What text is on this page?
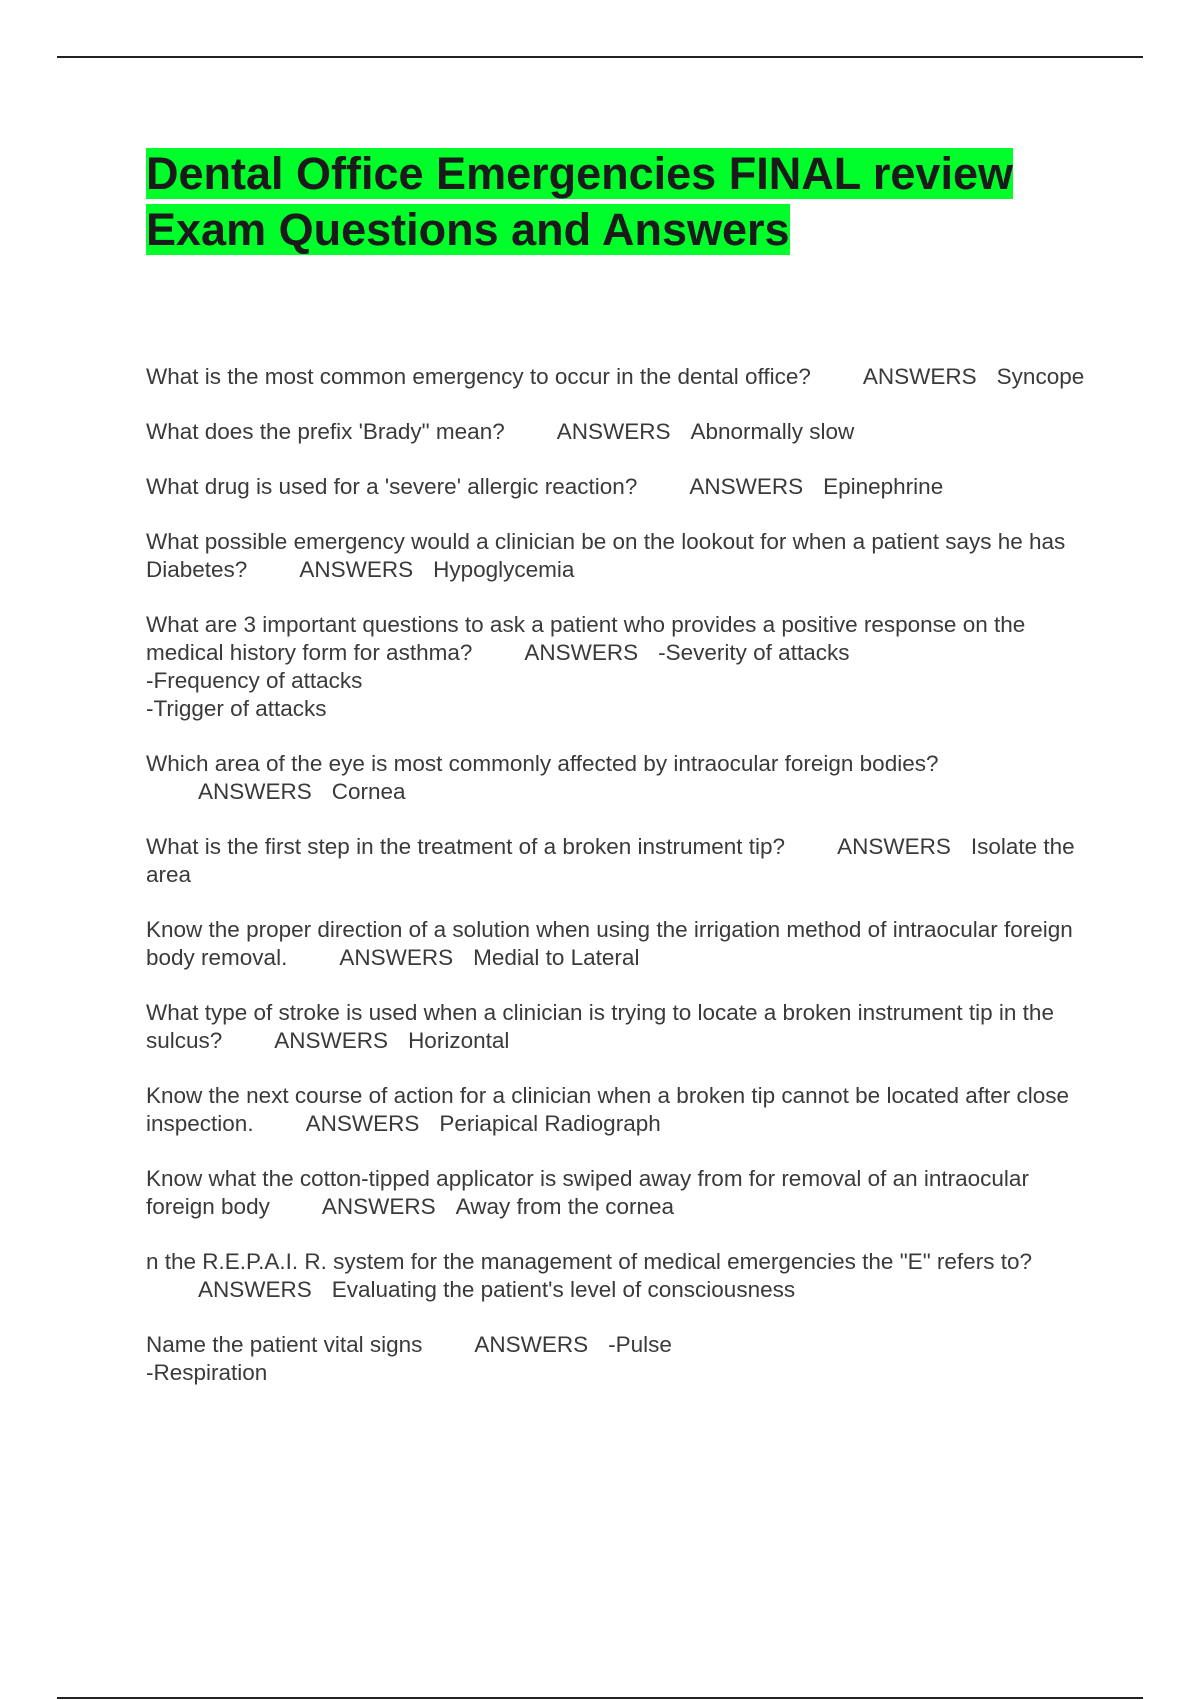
Dental Office Emergencies FINAL review Exam Questions and Answers

What is the most common emergency to occur in the dental office? ANSWERS Syncope

What does the prefix 'Brady" mean? ANSWERS Abnormally slow

What drug is used for a 'severe' allergic reaction? ANSWERS Epinephrine

What possible emergency would a clinician be on the lookout for when a patient says he has Diabetes? ANSWERS Hypoglycemia

What are 3 important questions to ask a patient who provides a positive response on the medical history form for asthma? ANSWERS -Severity of attacks
-Frequency of attacks
-Trigger of attacks

Which area of the eye is most commonly affected by intraocular foreign bodies?ANSWERS Cornea

What is the first step in the treatment of a broken instrument tip? ANSWERS Isolate the area

Know the proper direction of a solution when using the irrigation method of intraocular foreign body removal. ANSWERS Medial to Lateral

What type of stroke is used when a clinician is trying to locate a broken instrument tip in the sulcus? ANSWERS Horizontal

Know the next course of action for a clinician when a broken tip cannot be located after close inspection. ANSWERS Periapical Radiograph

Know what the cotton-tipped applicator is swiped away from for removal of an intraocular foreign body ANSWERS Away from the cornea

n the R.E.P.A.I. R. system for the management of medical emergencies the "E" refers to?ANSWERS Evaluating the patient's level of consciousness

Name the patient vital signs ANSWERS -Pulse
-Respiration
